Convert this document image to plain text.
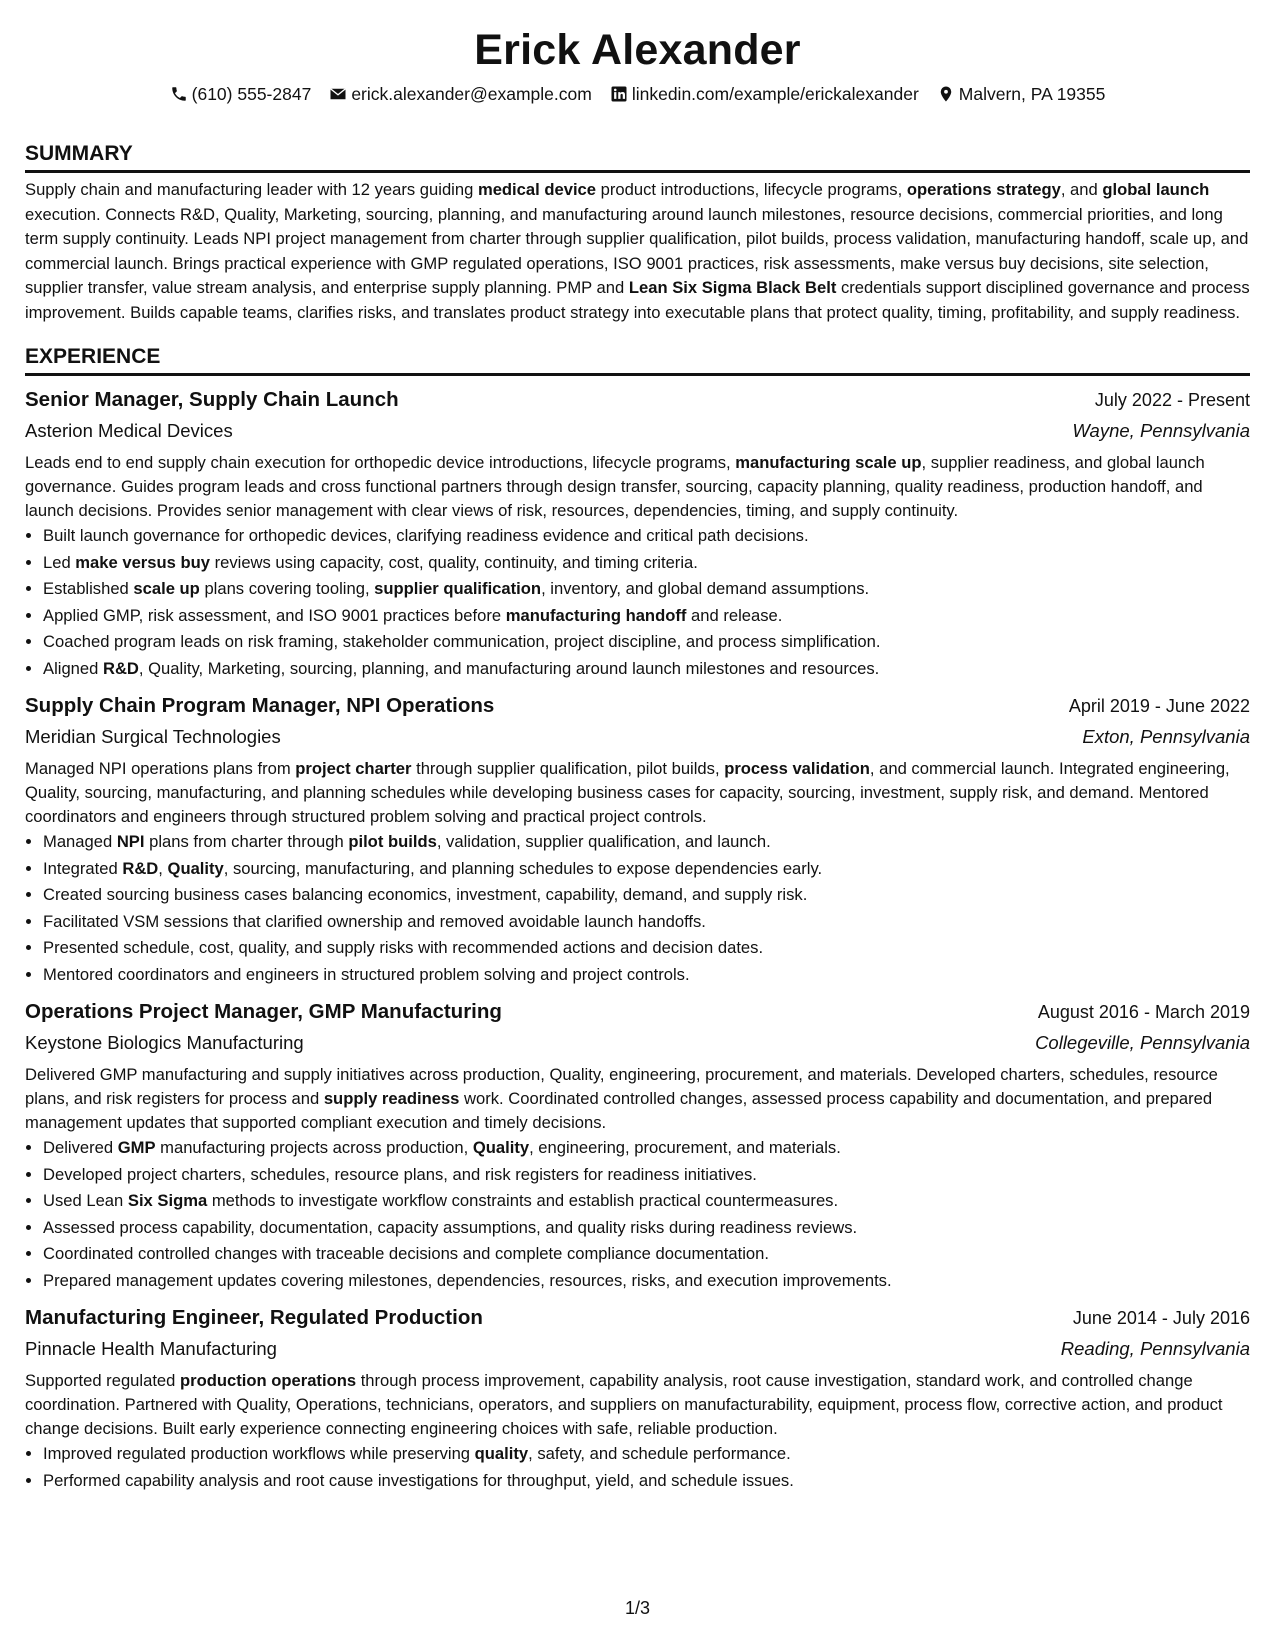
Erick Alexander
(610) 555-2847 erick.alexander@example.com linkedin.com/example/erickalexander Malvern, PA 19355
SUMMARY
Supply chain and manufacturing leader with 12 years guiding medical device product introductions, lifecycle programs, operations strategy, and global launch execution. Connects R&D, Quality, Marketing, sourcing, planning, and manufacturing around launch milestones, resource decisions, commercial priorities, and long term supply continuity. Leads NPI project management from charter through supplier qualification, pilot builds, process validation, manufacturing handoff, scale up, and commercial launch. Brings practical experience with GMP regulated operations, ISO 9001 practices, risk assessments, make versus buy decisions, site selection, supplier transfer, value stream analysis, and enterprise supply planning. PMP and Lean Six Sigma Black Belt credentials support disciplined governance and process improvement. Builds capable teams, clarifies risks, and translates product strategy into executable plans that protect quality, timing, profitability, and supply readiness.
EXPERIENCE
Senior Manager, Supply Chain Launch	July 2022 - Present
Asterion Medical Devices	Wayne, Pennsylvania
Leads end to end supply chain execution for orthopedic device introductions, lifecycle programs, manufacturing scale up, supplier readiness, and global launch governance. Guides program leads and cross functional partners through design transfer, sourcing, capacity planning, quality readiness, production handoff, and launch decisions. Provides senior management with clear views of risk, resources, dependencies, timing, and supply continuity.
• Built launch governance for orthopedic devices, clarifying readiness evidence and critical path decisions.
• Led make versus buy reviews using capacity, cost, quality, continuity, and timing criteria.
• Established scale up plans covering tooling, supplier qualification, inventory, and global demand assumptions.
• Applied GMP, risk assessment, and ISO 9001 practices before manufacturing handoff and release.
• Coached program leads on risk framing, stakeholder communication, project discipline, and process simplification.
• Aligned R&D, Quality, Marketing, sourcing, planning, and manufacturing around launch milestones and resources.
Supply Chain Program Manager, NPI Operations	April 2019 - June 2022
Meridian Surgical Technologies	Exton, Pennsylvania
Managed NPI operations plans from project charter through supplier qualification, pilot builds, process validation, and commercial launch. Integrated engineering, Quality, sourcing, manufacturing, and planning schedules while developing business cases for capacity, sourcing, investment, supply risk, and demand. Mentored coordinators and engineers through structured problem solving and practical project controls.
• Managed NPI plans from charter through pilot builds, validation, supplier qualification, and launch.
• Integrated R&D, Quality, sourcing, manufacturing, and planning schedules to expose dependencies early.
• Created sourcing business cases balancing economics, investment, capability, demand, and supply risk.
• Facilitated VSM sessions that clarified ownership and removed avoidable launch handoffs.
• Presented schedule, cost, quality, and supply risks with recommended actions and decision dates.
• Mentored coordinators and engineers in structured problem solving and project controls.
Operations Project Manager, GMP Manufacturing	August 2016 - March 2019
Keystone Biologics Manufacturing	Collegeville, Pennsylvania
Delivered GMP manufacturing and supply initiatives across production, Quality, engineering, procurement, and materials. Developed charters, schedules, resource plans, and risk registers for process and supply readiness work. Coordinated controlled changes, assessed process capability and documentation, and prepared management updates that supported compliant execution and timely decisions.
• Delivered GMP manufacturing projects across production, Quality, engineering, procurement, and materials.
• Developed project charters, schedules, resource plans, and risk registers for readiness initiatives.
• Used Lean Six Sigma methods to investigate workflow constraints and establish practical countermeasures.
• Assessed process capability, documentation, capacity assumptions, and quality risks during readiness reviews.
• Coordinated controlled changes with traceable decisions and complete compliance documentation.
• Prepared management updates covering milestones, dependencies, resources, risks, and execution improvements.
Manufacturing Engineer, Regulated Production	June 2014 - July 2016
Pinnacle Health Manufacturing	Reading, Pennsylvania
Supported regulated production operations through process improvement, capability analysis, root cause investigation, standard work, and controlled change coordination. Partnered with Quality, Operations, technicians, operators, and suppliers on manufacturability, equipment, process flow, corrective action, and product change decisions. Built early experience connecting engineering choices with safe, reliable production.
• Improved regulated production workflows while preserving quality, safety, and schedule performance.
• Performed capability analysis and root cause investigations for throughput, yield, and schedule issues.
1/3
